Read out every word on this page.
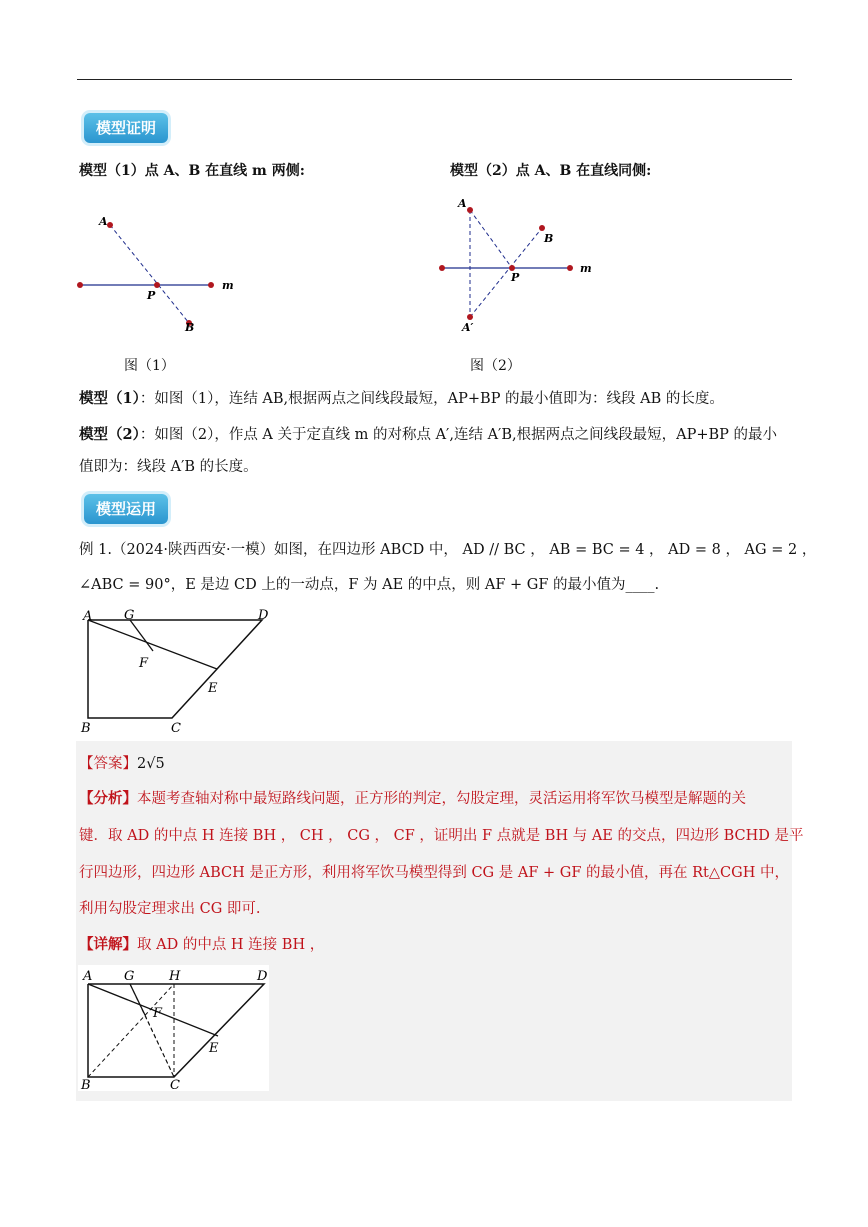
模型证明
模型（1）点 A、B 在直线 m 两侧:	模型（2）点 A、B 在直线同侧:
A
P
B
m
图（1）
A
B
P
m
A′
图（2）
模型（1）：如图（1），连结 AB,根据两点之间线段最短，AP+BP 的最小值即为：线段 AB 的长度。
模型（2）：如图（2），作点 A 关于定直线 m 的对称点 A′,连结 A′B,根据两点之间线段最短，AP+BP 的最小
值即为：线段 A′B 的长度。
模型运用
例 1.（2024·陕西西安·一模）如图，在四边形 ABCD 中， AD // BC ， AB = BC = 4 ， AD = 8 ， AG = 2 ，
∠ABC = 90°，E 是边 CD 上的一动点，F 为 AE 的中点，则 AF + GF 的最小值为____.
A G	D
F
E
B	C
【答案】2√5
【分析】本题考查轴对称中最短路线问题，正方形的判定，勾股定理，灵活运用将军饮马模型是解题的关
键．取 AD 的中点 H 连接 BH ， CH ， CG ， CF ，证明出 F 点就是 BH 与 AE 的交点，四边形 BCHD 是平
行四边形，四边形 ABCH 是正方形，利用将军饮马模型得到 CG 是 AF + GF 的最小值，再在 Rt△CGH 中，
利用勾股定理求出 CG 即可.
【详解】取 AD 的中点 H 连接 BH ，
A G	H	D
F
E
B	C
